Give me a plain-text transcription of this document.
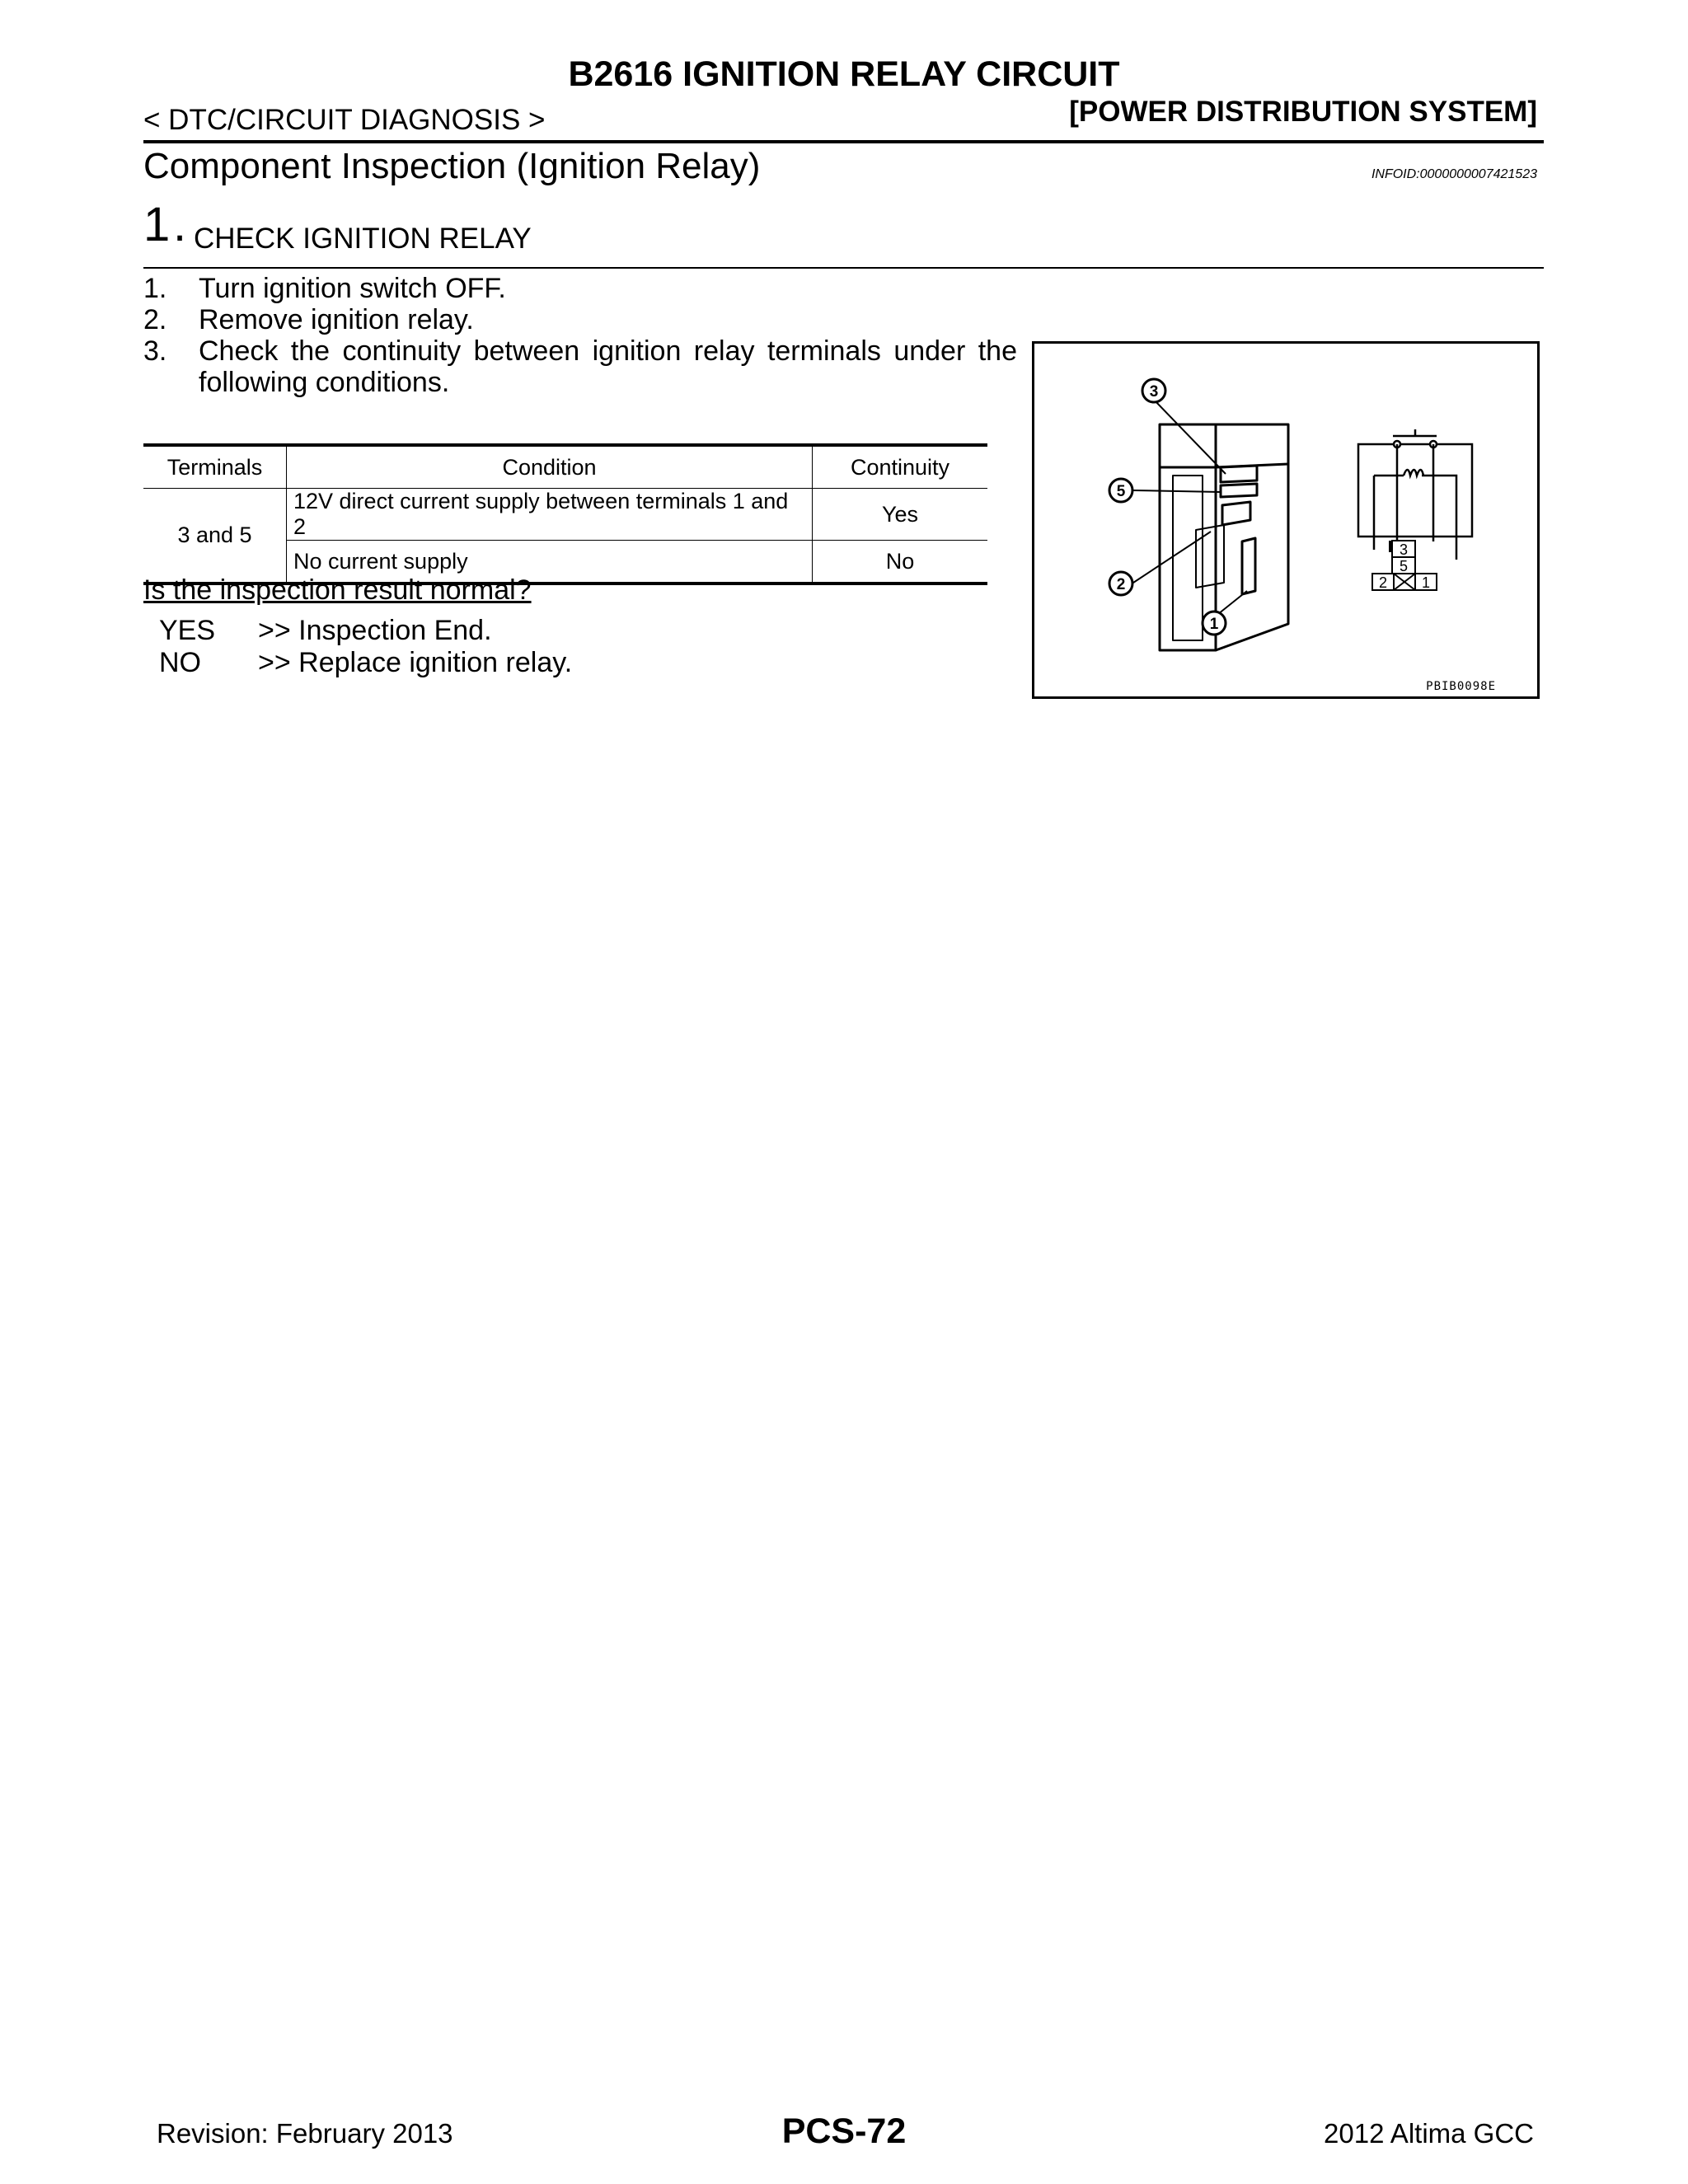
B2616 IGNITION RELAY CIRCUIT
< DTC/CIRCUIT DIAGNOSIS >	[POWER DISTRIBUTION SYSTEM]
Component Inspection (Ignition Relay)	INFOID:0000000007421523
1 . CHECK IGNITION RELAY
1.	Turn ignition switch OFF.
2.	Remove ignition relay.
3.	Check the continuity between ignition relay terminals under the following conditions.
Terminals	Condition	Continuity
3 and 5	12V direct current supply between terminals 1 and 2	Yes
	No current supply	No
Is the inspection result normal?
YES >> Inspection End.
NO >> Replace ignition relay.
3
5
2
1
3
5
2 1
PBIB0098E
Revision: February 2013	PCS-72	2012 Altima GCC
